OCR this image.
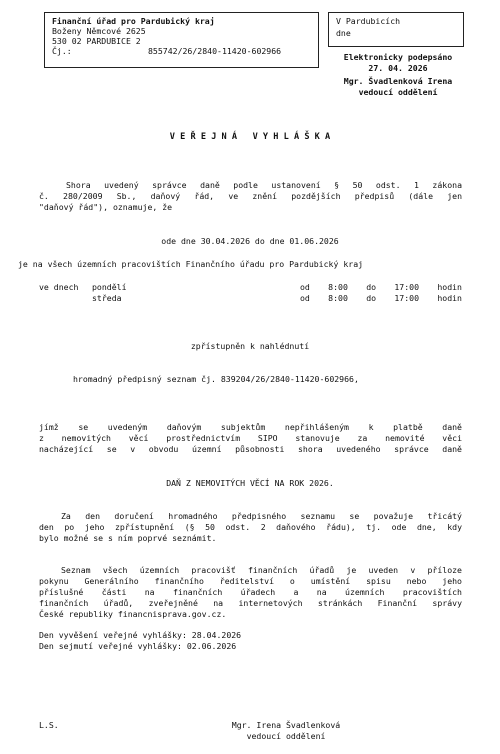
Finanční úřad pro Pardubický kraj
Boženy Němcové 2625
530 02 PARDUBICE 2
Čj.:	855742/26/2840-11420-602966
V Pardubicích
dne
Elektronicky podepsáno
27. 04. 2026
Mgr. Švadlenková Irena
vedoucí oddělení
V E Ř E J N Á   V Y H L Á Š K A
Shora uvedený správce daně podle ustanovení § 50 odst. 1 zákona
č. 280/2009 Sb., daňový řád, ve znění pozdějších předpisů (dále jen
"daňový řád"), oznamuje, že
ode dne 30.04.2026 do dne 01.06.2026
je na všech územních pracovištích Finančního úřadu pro Pardubický kraj
ve dnech pondělí	od 8:00 do 17:00 hodin
středa	od 8:00 do 17:00 hodin
zpřístupněn k nahlédnutí
hromadný předpisný seznam čj. 839204/26/2840-11420-602966,
jímž se uvedeným daňovým subjektům nepřihlášeným k platbě daně
z nemovitých věcí prostřednictvím SIPO stanovuje za nemovité věci
nacházející se v obvodu územní působnosti shora uvedeného správce daně
DAŇ Z NEMOVITÝCH VĚCÍ NA ROK 2026.
Za den doručení hromadného předpisného seznamu se považuje třicátý
den po jeho zpřístupnění (§ 50 odst. 2 daňového řádu), tj. ode dne, kdy
bylo možné se s ním poprvé seznámit.
Seznam všech územních pracovišť finančních úřadů je uveden v příloze
pokynu Generálního finančního ředitelství o umístění spisu nebo jeho
příslušné části na finančních úřadech a na územních pracovištích
finančních úřadů, zveřejněné na internetových stránkách Finanční správy
České republiky financnisprava.gov.cz.
Den vyvěšení veřejné vyhlášky: 28.04.2026
Den sejmutí veřejné vyhlášky: 02.06.2026
L.S.	Mgr. Irena Švadlenková
vedoucí oddělení
